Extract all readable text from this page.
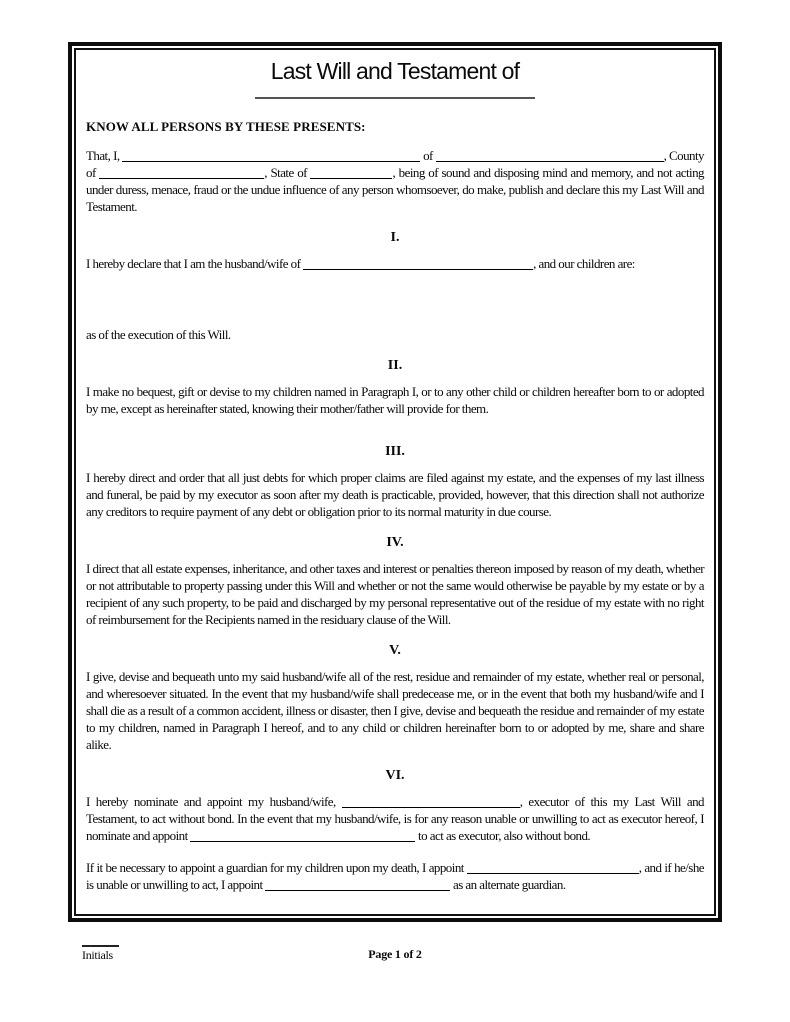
Last Will and Testament of
KNOW ALL PERSONS BY THESE PRESENTS:

That, I,	of	, County of	, State of	, being of sound and disposing mind and memory, and not acting under duress, menace, fraud or the undue influence of any person whomsoever, do make, publish and declare this my Last Will and Testament.

I.

I hereby declare that I am the husband/wife of	, and our children are:

as of the execution of this Will.

II.

I make no bequest, gift or devise to my children named in Paragraph I, or to any other child or children hereafter born to or adopted by me, except as hereinafter stated, knowing their mother/father will provide for them.

III.

I hereby direct and order that all just debts for which proper claims are filed against my estate, and the expenses of my last illness and funeral, be paid by my executor as soon after my death is practicable, provided, however, that this direction shall not authorize any creditors to require payment of any debt or obligation prior to its normal maturity in due course.

IV.

I direct that all estate expenses, inheritance, and other taxes and interest or penalties thereon imposed by reason of my death, whether or not attributable to property passing under this Will and whether or not the same would otherwise be payable by my estate or by a recipient of any such property, to be paid and discharged by my personal representative out of the residue of my estate with no right of reimbursement for the Recipients named in the residuary clause of the Will.

V.

I give, devise and bequeath unto my said husband/wife all of the rest, residue and remainder of my estate, whether real or personal, and wheresoever situated. In the event that my husband/wife shall predecease me, or in the event that both my husband/wife and I shall die as a result of a common accident, illness or disaster, then I give, devise and bequeath the residue and remainder of my estate to my children, named in Paragraph I hereof, and to any child or children hereinafter born to or adopted by me, share and share alike.

VI.

I hereby nominate and appoint my husband/wife,	, executor of this my Last Will and Testament, to act without bond. In the event that my husband/wife, is for any reason unable or unwilling to act as executor hereof, I nominate and appoint	to act as executor, also without bond.

If it be necessary to appoint a guardian for my children upon my death, I appoint	, and if he/she is unable or unwilling to act, I appoint	as an alternate guardian.

Page 1 of 2
Initials
